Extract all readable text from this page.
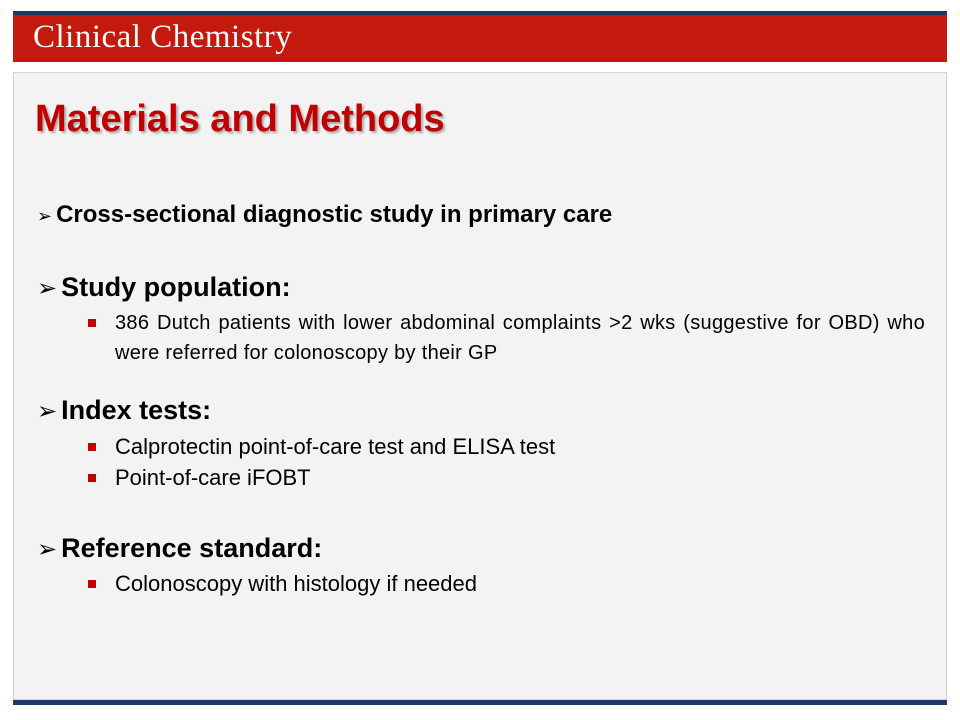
Clinical Chemistry
Materials and Methods
➢ Cross-sectional diagnostic study in primary care
➢ Study population:
386 Dutch patients with lower abdominal complaints >2 wks (suggestive for OBD) who were referred for colonoscopy by their GP
➢ Index tests:
Calprotectin point-of-care test and ELISA test
Point-of-care iFOBT
➢ Reference standard:
Colonoscopy with histology if needed
